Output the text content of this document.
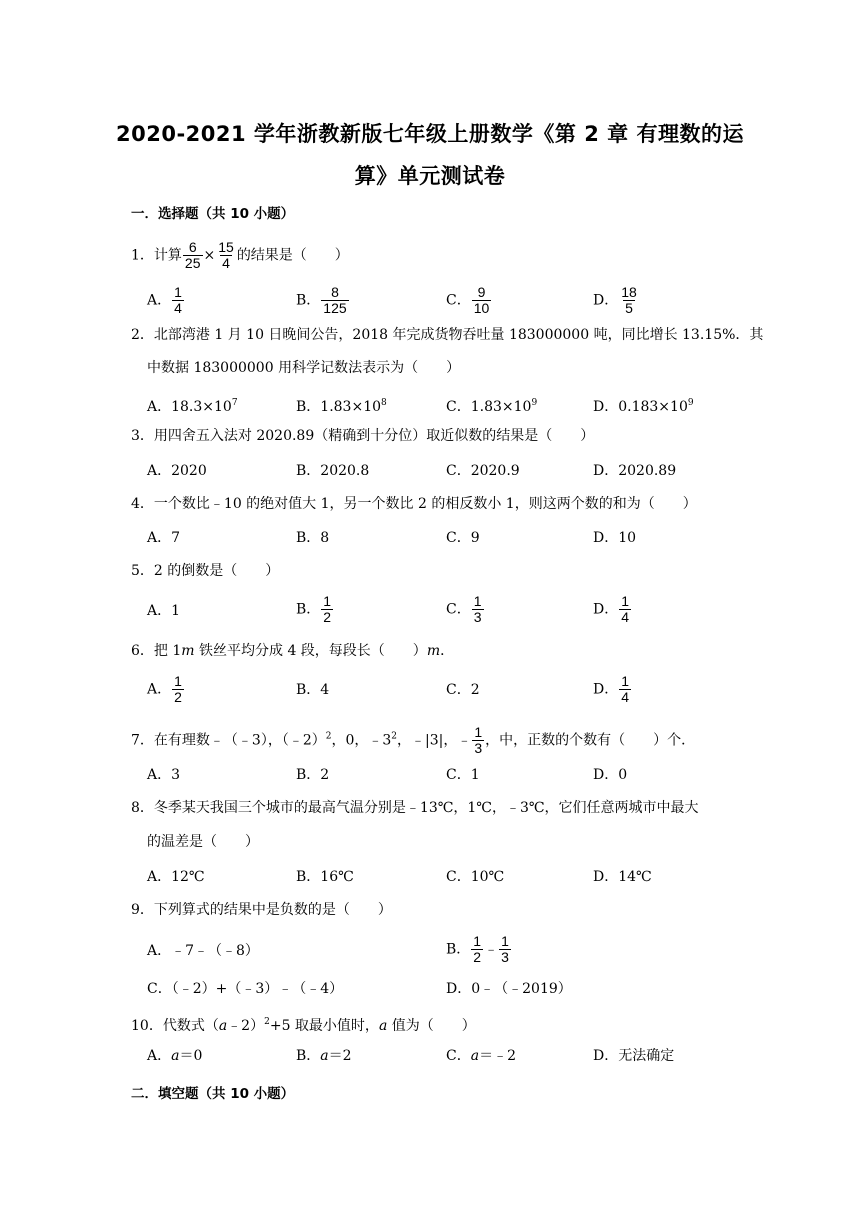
2020-2021 学年浙教新版七年级上册数学《第 2 章 有理数的运
算》单元测试卷
一．选择题（共 10 小题）
1．计算 $\frac{6}{25} \times \frac{15}{4}$ 的结果是（　　）
A． $\frac{1}{4}$	B． $\frac{8}{125}$	C． $\frac{9}{10}$	D． $\frac{18}{5}$
2．北部湾港 1 月 10 日晚间公告，2018 年完成货物吞吐量 183000000 吨，同比增长 13.15%．其
中数据 183000000 用科学记数法表示为（　　）
A．$18.3\times 10^7$	B．$1.83\times 10^8$	C．$1.83\times 10^9$	D．$0.183\times 10^9$
3．用四舍五入法对 2020.89（精确到十分位）取近似数的结果是（　　）
A．2020	B．2020.8	C．2020.9	D．2020.89
4．一个数比﹣10 的绝对值大 1，另一个数比 2 的相反数小 1，则这两个数的和为（　　）
A．7	B．8	C．9	D．10
5．2 的倒数是（　　）
A．1	B． $\frac{1}{2}$	C． $\frac{1}{3}$	D． $\frac{1}{4}$
6．把 1m 铁丝平均分成 4 段，每段长（　　）m．
A． $\frac{1}{2}$	B．4	C．2	D． $\frac{1}{4}$
7．在有理数﹣（﹣3），（﹣2）$^2$，0，$﹣3^2$，﹣|3|，﹣ $\frac{1}{3}$ ，中，正数的个数有（　　）个．
A．3	B．2	C．1	D．0
8．冬季某天我国三个城市的最高气温分别是﹣13℃，1℃，﹣3℃，它们任意两城市中最大
的温差是（　　）
A．12℃	B．16℃	C．10℃	D．14℃
9．下列算式的结果中是负数的是（　　）
A．﹣7﹣（﹣8）	B． $\frac{1}{2}$ ﹣ $\frac{1}{3}$
C．（﹣2）+（﹣3）﹣（﹣4）	D．0﹣（﹣2019）
10．代数式（a﹣2）$^2$+5 取最小值时，a 值为（　　）
A．a＝0	B．a＝2	C．a＝﹣2	D．无法确定
二．填空题（共 10 小题）
